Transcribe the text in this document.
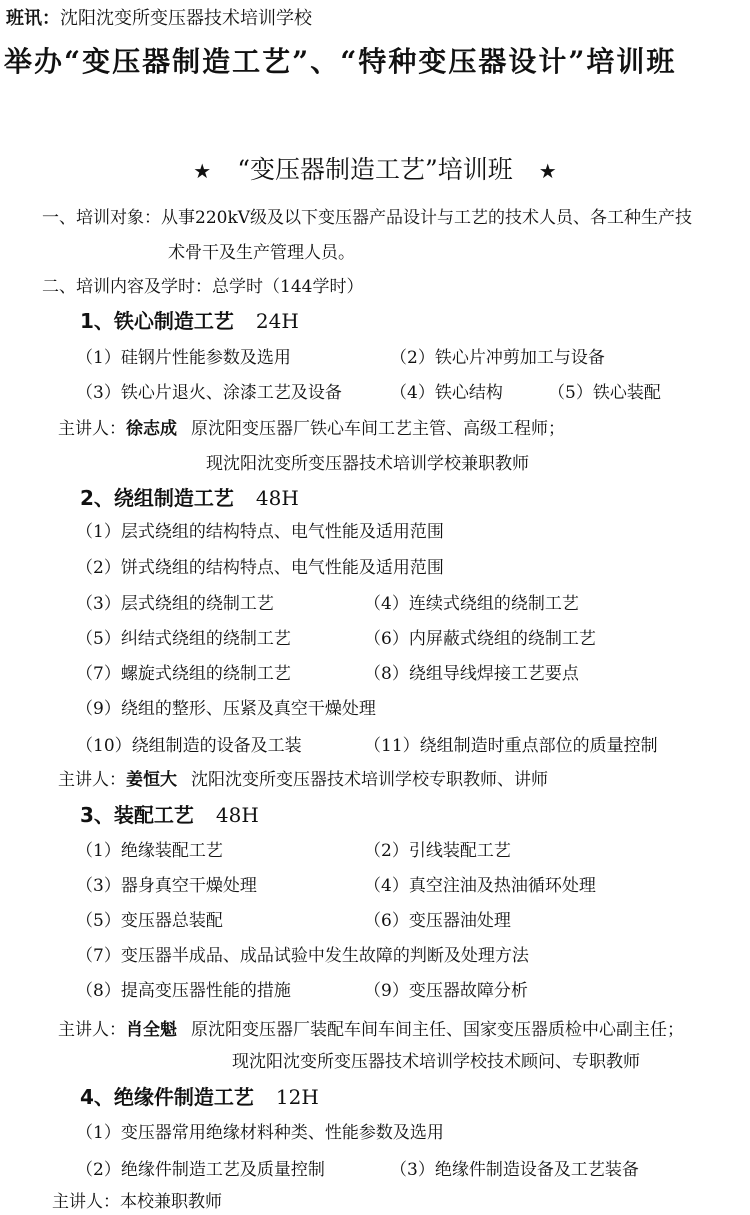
班讯：沈阳沈变所变压器技术培训学校
举办“变压器制造工艺”、“特种变压器设计”培训班
★ “变压器制造工艺”培训班 ★
一、培训对象：从事220kV级及以下变压器产品设计与工艺的技术人员、各工种生产技
术骨干及生产管理人员。
二、培训内容及学时：总学时（144学时）
1、铁心制造工艺 24H
（1）硅钢片性能参数及选用	（2）铁心片冲剪加工与设备
（3）铁心片退火、涂漆工艺及设备	（4）铁心结构	（5）铁心装配
主讲人：徐志成 原沈阳变压器厂铁心车间工艺主管、高级工程师；
现沈阳沈变所变压器技术培训学校兼职教师
2、绕组制造工艺 48H
（1）层式绕组的结构特点、电气性能及适用范围
（2）饼式绕组的结构特点、电气性能及适用范围
（3）层式绕组的绕制工艺	（4）连续式绕组的绕制工艺
（5）纠结式绕组的绕制工艺	（6）内屏蔽式绕组的绕制工艺
（7）螺旋式绕组的绕制工艺	（8）绕组导线焊接工艺要点
（9）绕组的整形、压紧及真空干燥处理
（10）绕组制造的设备及工装	（11）绕组制造时重点部位的质量控制
主讲人：姜恒大 沈阳沈变所变压器技术培训学校专职教师、讲师
3、装配工艺 48H
（1）绝缘装配工艺	（2）引线装配工艺
（3）器身真空干燥处理	（4）真空注油及热油循环处理
（5）变压器总装配	（6）变压器油处理
（7）变压器半成品、成品试验中发生故障的判断及处理方法
（8）提高变压器性能的措施	（9）变压器故障分析
主讲人：肖全魁 原沈阳变压器厂装配车间车间主任、国家变压器质检中心副主任；
现沈阳沈变所变压器技术培训学校技术顾问、专职教师
4、绝缘件制造工艺 12H
（1）变压器常用绝缘材料种类、性能参数及选用
（2）绝缘件制造工艺及质量控制	（3）绝缘件制造设备及工艺装备
主讲人：本校兼职教师
